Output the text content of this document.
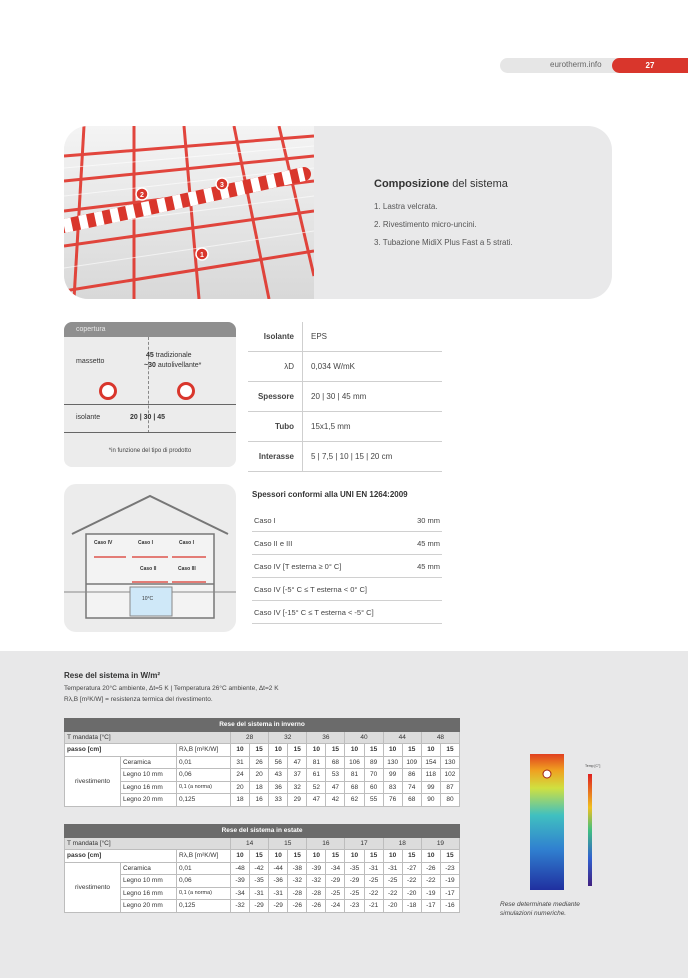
eurotherm.info	27
2
3
1
Composizione del sistema
1. Lastra velcrata.
2. Rivestimento micro-uncini.
3. Tubazione MidiX Plus Fast a 5 strati.
copertura
massetto
45 tradizionale
~30 autolivellante*
isolante	20 | 30 | 45
*in funzione del tipo di prodotto
Isolante	EPS
λD	0,034 W/mK
Spessore	20 | 30 | 45 mm
Tubo	15x1,5 mm
Interasse	5 | 7,5 | 10 | 15 | 20 cm
Caso IV	Caso I	Caso I
Caso II	Caso III
10°C
Spessori conformi alla UNI EN 1264:2009
Caso I	30 mm
Caso II e III	45 mm
Caso IV [T esterna ≥ 0° C]	45 mm
Caso IV [-5° C ≤ T esterna < 0° C]
Caso IV [-15° C ≤ T esterna < -5° C]
Rese del sistema in W/m²
Temperatura 20°C ambiente, Δt=5 K | Temperatura 26°C ambiente, Δt=2 K
Rλ,B [m²K/W] = resistenza termica del rivestimento.
Rese del sistema in inverno														
T mandata [°C]			28		32		36		40		44		48	
passo [cm]		Rλ,B [m²K/W]	10	15	10	15	10	15	10	15	10	15	10	15
rivestimento	Ceramica	0,01	31	26	56	47	81	68	106	89	130	109	154	130
	Legno 10 mm	0,06	24	20	43	37	61	53	81	70	99	86	118	102
	Legno 16 mm	0,1 (a norma)	20	18	36	32	52	47	68	60	83	74	99	87
	Legno 20 mm	0,125	18	16	33	29	47	42	62	55	76	68	90	80
Rese del sistema in estate														
T mandata [°C]			14		15		16		17		18		19	
passo [cm]		Rλ,B [m²K/W]	10	15	10	15	10	15	10	15	10	15	10	15
rivestimento	Ceramica	0,01	-48	-42	-44	-38	-39	-34	-35	-31	-31	-27	-26	-23
	Legno 10 mm	0,06	-39	-35	-36	-32	-32	-29	-29	-25	-25	-22	-22	-19
	Legno 16 mm	0,1 (a norma)	-34	-31	-31	-28	-28	-25	-25	-22	-22	-20	-19	-17
	Legno 20 mm	0,125	-32	-29	-29	-26	-26	-24	-23	-21	-20	-18	-17	-16
Temp [C°]
Rese determinate mediante simulazioni numeriche.
